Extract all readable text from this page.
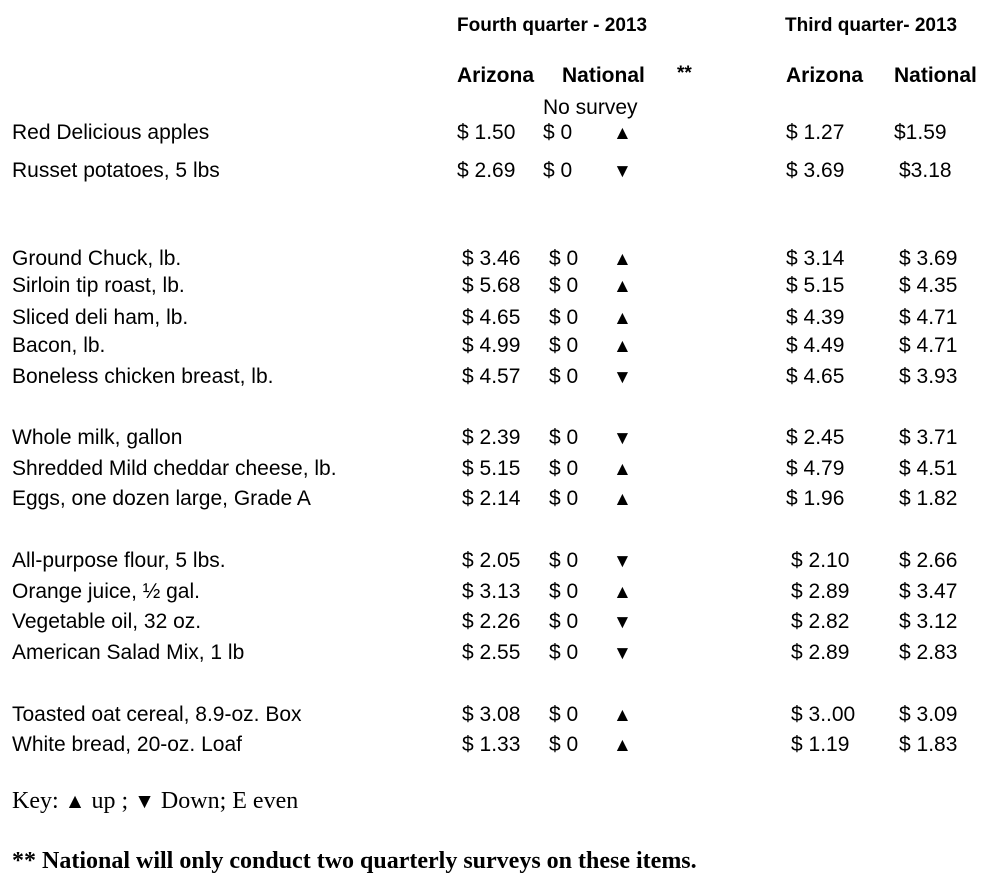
Fourth quarter - 2013	Third quarter- 2013
Arizona National **	Arizona National
No survey
Red Delicious apples	$ 1.50 $ 0 ▲	$ 1.27 $1.59
Russet potatoes, 5 lbs	$ 2.69 $ 0 ▼	$ 3.69	$3.18
Ground Chuck, lb.	$ 3.46 $ 0 ▲	$ 3.14	$ 3.69
Sirloin tip roast, lb.	$ 5.68 $ 0 ▲	$ 5.15	$ 4.35
Sliced deli ham, lb.	$ 4.65 $ 0 ▲	$ 4.39	$ 4.71
Bacon, lb.	$ 4.99 $ 0 ▲	$ 4.49	$ 4.71
Boneless chicken breast, lb.	$ 4.57 $ 0 ▼	$ 4.65	$ 3.93
Whole milk, gallon	$ 2.39 $ 0 ▼	$ 2.45	$ 3.71
Shredded Mild cheddar cheese, lb.	$ 5.15 $ 0 ▲	$ 4.79	$ 4.51
Eggs, one dozen large, Grade A	$ 2.14 $ 0 ▲	$ 1.96	$ 1.82
All-purpose flour, 5 lbs.	$ 2.05 $ 0 ▼	$ 2.10 $ 2.66
Orange juice, ½ gal.	$ 3.13 $ 0 ▲	$ 2.89 $ 3.47
Vegetable oil, 32 oz.	$ 2.26 $ 0 ▼	$ 2.82 $ 3.12
American Salad Mix, 1 lb	$ 2.55 $ 0 ▼	$ 2.89 $ 2.83
Toasted oat cereal, 8.9-oz. Box	$ 3.08 $ 0 ▲	$ 3..00 $ 3.09
White bread, 20-oz. Loaf	$ 1.33 $ 0 ▲	$ 1.19 $ 1.83
Key: ▲ up ; ▼ Down; E even
** National will only conduct two quarterly surveys on these items.
